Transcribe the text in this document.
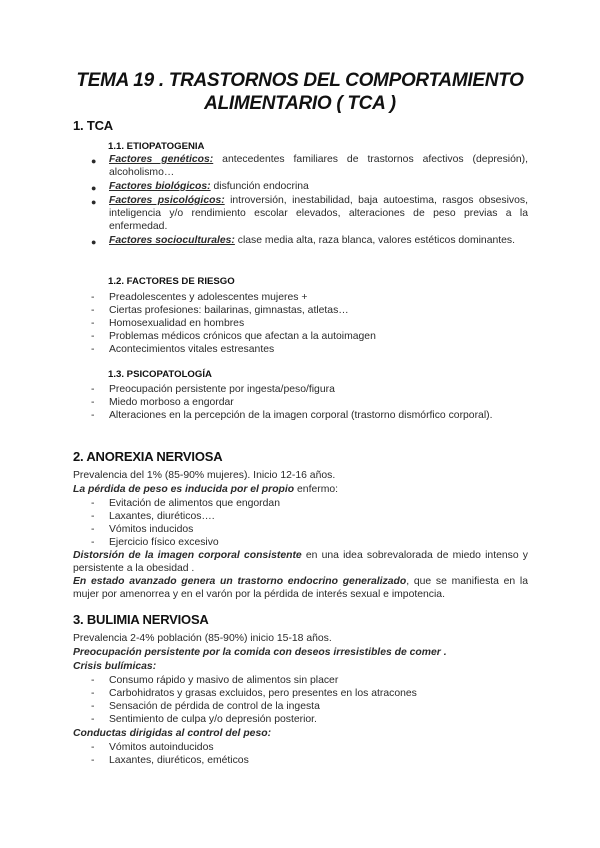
TEMA 19 . TRASTORNOS DEL COMPORTAMIENTO
ALIMENTARIO ( TCA )
1. TCA
1.1. ETIOPATOGENIA
● Factores genéticos: antecedentes familiares de trastornos afectivos (depresión), alcoholismo…
● Factores biológicos: disfunción endocrina
● Factores psicológicos: introversión, inestabilidad, baja autoestima, rasgos obsesivos, inteligencia y/o rendimiento escolar elevados, alteraciones de peso previas a la enfermedad.
● Factores socioculturales: clase media alta, raza blanca, valores estéticos dominantes.
1.2. FACTORES DE RIESGO
- Preadolescentes y adolescentes mujeres +
- Ciertas profesiones: bailarinas, gimnastas, atletas…
- Homosexualidad en hombres
- Problemas médicos crónicos que afectan a la autoimagen
- Acontecimientos vitales estresantes
1.3. PSICOPATOLOGÍA
- Preocupación persistente por ingesta/peso/figura
- Miedo morboso a engordar
- Alteraciones en la percepción de la imagen corporal (trastorno dismórfico corporal).
2. ANOREXIA NERVIOSA
Prevalencia del 1% (85-90% mujeres). Inicio 12-16 años.
La pérdida de peso es inducida por el propio enfermo:
- Evitación de alimentos que engordan
- Laxantes, diuréticos….
- Vómitos inducidos
- Ejercicio físico excesivo
Distorsión de la imagen corporal consistente en una idea sobrevalorada de miedo intenso y persistente a la obesidad .
En estado avanzado genera un trastorno endocrino generalizado, que se manifiesta en la mujer por amenorrea y en el varón por la pérdida de interés sexual e impotencia.
3. BULIMIA NERVIOSA
Prevalencia 2-4% población (85-90%) inicio 15-18 años.
Preocupación persistente por la comida con deseos irresistibles de comer .
Crisis bulímicas:
- Consumo rápido y masivo de alimentos sin placer
- Carbohidratos y grasas excluidos, pero presentes en los atracones
- Sensación de pérdida de control de la ingesta
- Sentimiento de culpa y/o depresión posterior.
Conductas dirigidas al control del peso:
- Vómitos autoinducidos
- Laxantes, diuréticos, eméticos
